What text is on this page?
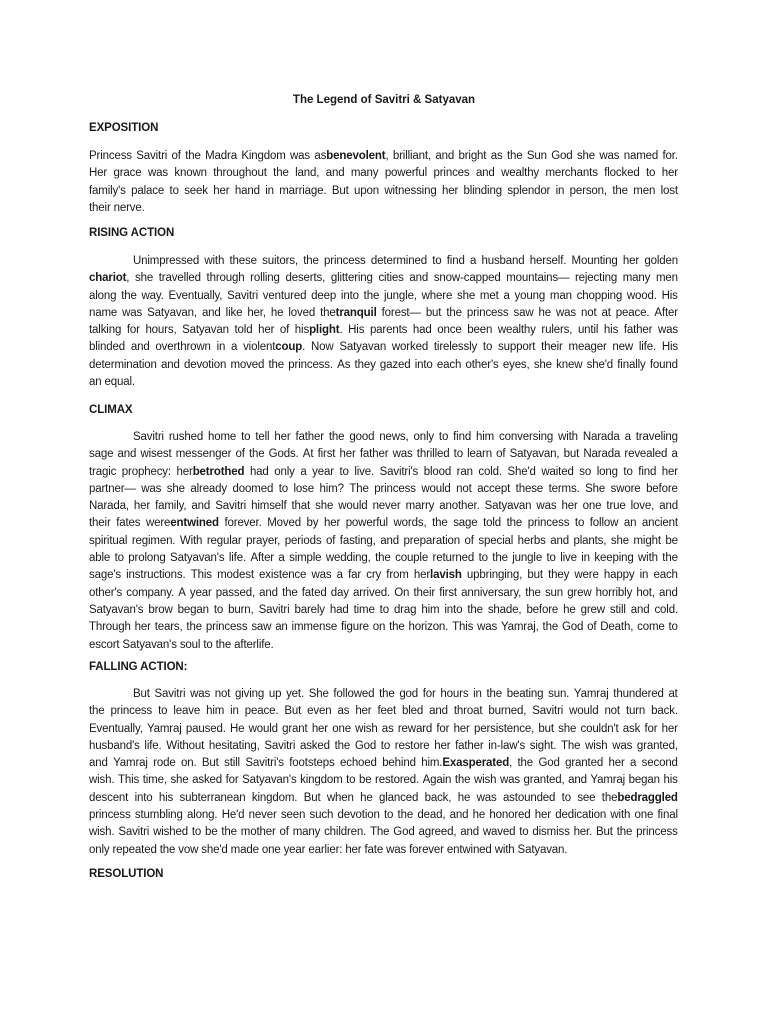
The Legend of Savitri & Satyavan
EXPOSITION
Princess Savitri of the Madra Kingdom was asbenevolent, brilliant, and bright as the Sun God she was named for.
Her grace was known throughout the land, and many powerful princes and wealthy merchants flocked to her
family's palace to seek her hand in marriage. But upon witnessing her blinding splendor in person, the men lost
their nerve.
RISING ACTION
Unimpressed with these suitors, the princess determined to find a husband herself. Mounting her golden
chariot, she travelled through rolling deserts, glittering cities and snow-capped mountains— rejecting many men
along the way. Eventually, Savitri ventured deep into the jungle, where she met a young man chopping wood. His
name was Satyavan, and like her, he loved thetranquil forest— but the princess saw he was not at peace. After
talking for hours, Satyavan told her of hisplight. His parents had once been wealthy rulers, until his father was
blinded and overthrown in a violentcoup. Now Satyavan worked tirelessly to support their meager new life. His
determination and devotion moved the princess. As they gazed into each other's eyes, she knew she'd finally found
an equal.
CLIMAX
Savitri rushed home to tell her father the good news, only to find him conversing with Narada a traveling
sage and wisest messenger of the Gods. At first her father was thrilled to learn of Satyavan, but Narada revealed a
tragic prophecy: herbetrothed had only a year to live. Savitri's blood ran cold. She'd waited so long to find her
partner— was she already doomed to lose him? The princess would not accept these terms. She swore before
Narada, her family, and Savitri himself that she would never marry another. Satyavan was her one true love, and
their fates wereentwined forever. Moved by her powerful words, the sage told the princess to follow an ancient
spiritual regimen. With regular prayer, periods of fasting, and preparation of special herbs and plants, she might be
able to prolong Satyavan's life. After a simple wedding, the couple returned to the jungle to live in keeping with the
sage's instructions. This modest existence was a far cry from herlavish upbringing, but they were happy in each
other's company. A year passed, and the fated day arrived. On their first anniversary, the sun grew horribly hot, and
Satyavan's brow began to burn, Savitri barely had time to drag him into the shade, before he grew still and cold.
Through her tears, the princess saw an immense figure on the horizon. This was Yamraj, the God of Death, come to
escort Satyavan's soul to the afterlife.
FALLING ACTION:
But Savitri was not giving up yet. She followed the god for hours in the beating sun. Yamraj thundered at
the princess to leave him in peace. But even as her feet bled and throat burned, Savitri would not turn back.
Eventually, Yamraj paused. He would grant her one wish as reward for her persistence, but she couldn't ask for her
husband's life. Without hesitating, Savitri asked the God to restore her father in-law's sight. The wish was granted,
and Yamraj rode on. But still Savitri's footsteps echoed behind him.Exasperated, the God granted her a second
wish. This time, she asked for Satyavan's kingdom to be restored. Again the wish was granted, and Yamraj began his
descent into his subterranean kingdom. But when he glanced back, he was astounded to see thebedraggled
princess stumbling along. He'd never seen such devotion to the dead, and he honored her dedication with one final
wish. Savitri wished to be the mother of many children. The God agreed, and waved to dismiss her. But the princess
only repeated the vow she'd made one year earlier: her fate was forever entwined with Satyavan.
RESOLUTION
